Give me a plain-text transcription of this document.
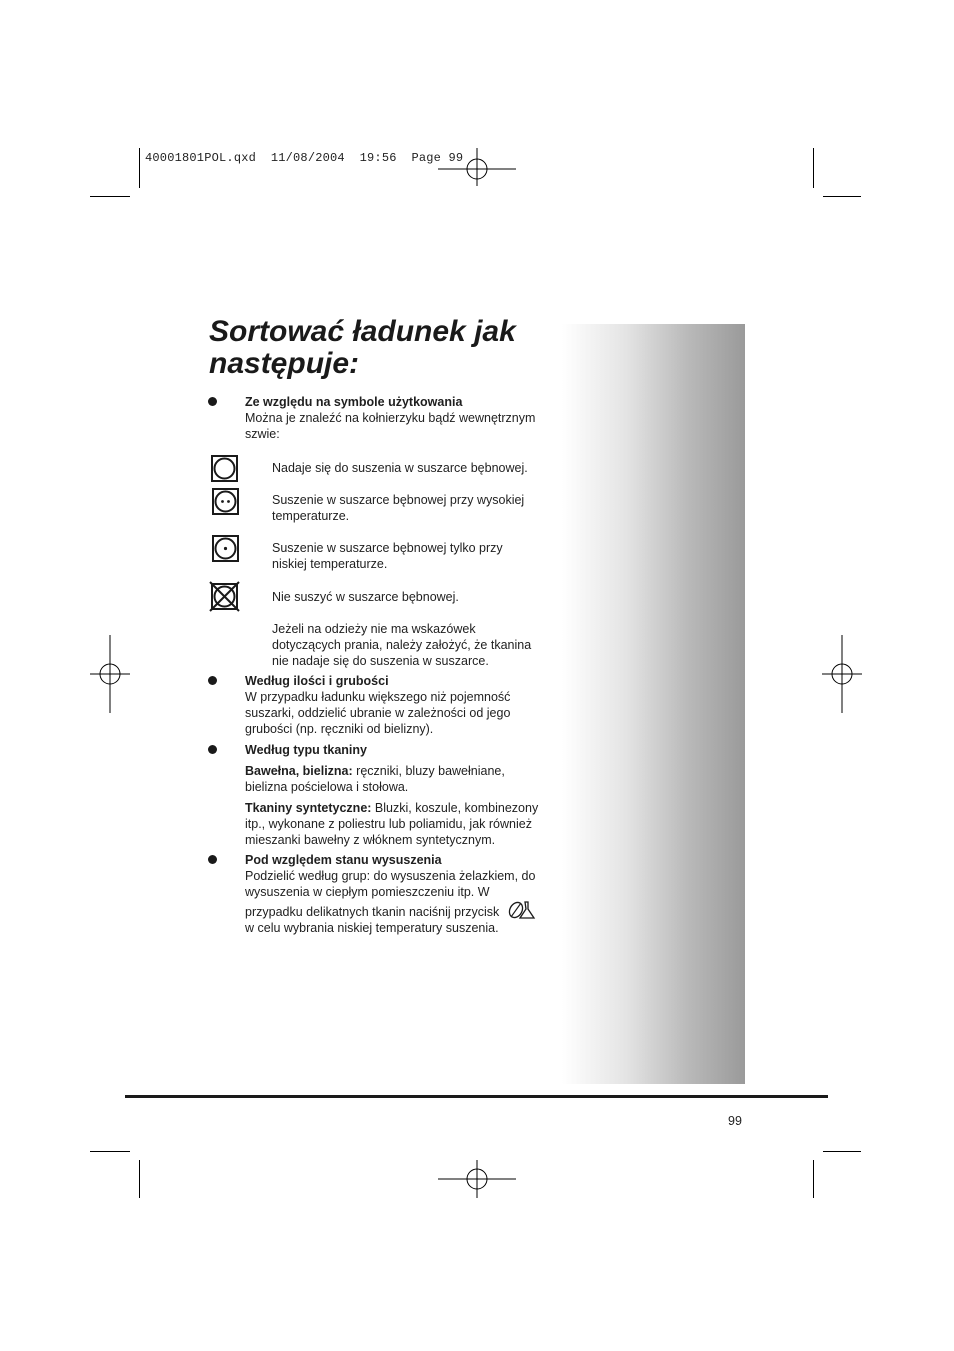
40001801POL.qxd  11/08/2004  19:56  Page 99
Sortować ładunek jak następuje:
Ze względu na symbole użytkowania
Można je znaleźć na kołnierzyku bądź wewnętrznym szwie:
Nadaje się do suszenia w suszarce bębnowej.
Suszenie w suszarce bębnowej przy wysokiej temperaturze.
Suszenie w suszarce bębnowej tylko przy niskiej temperaturze.
Nie suszyć w suszarce bębnowej.
Jeżeli na odzieży nie ma wskazówek dotyczących prania, należy założyć, że tkanina nie nadaje się do suszenia w suszarce.
Według ilości i grubości
W przypadku ładunku większego niż pojemność suszarki, oddzielić ubranie w zależności od jego grubości (np. ręczniki od bielizny).
Według typu tkaniny
Bawełna, bielizna: ręczniki, bluzy bawełniane, bielizna pościelowa i stołowa.
Tkaniny syntetyczne: Bluzki, koszule, kombinezony itp., wykonane z poliestru lub poliamidu, jak również mieszanki bawełny z włóknem syntetycznym.
Pod względem stanu wysuszenia
Podzielić według grup: do wysuszenia żelazkiem, do wysuszenia w ciepłym pomieszczeniu itp. W przypadku delikatnych tkanin naciśnij przycisk
w celu wybrania niskiej temperatury suszenia.
99
